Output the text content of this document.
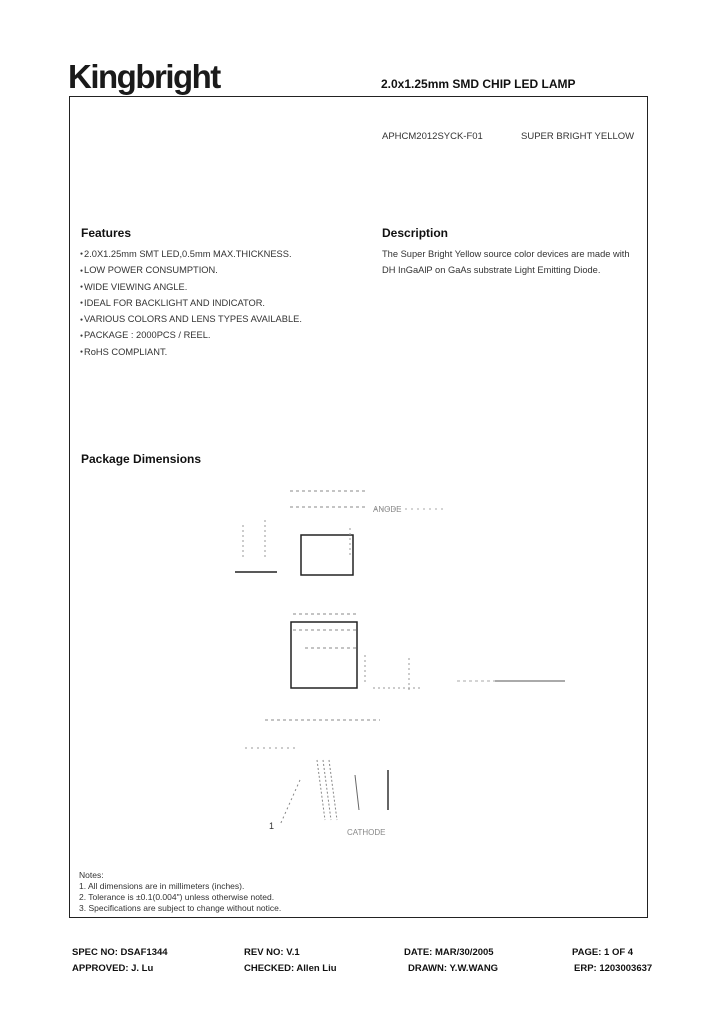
Kingbright	2.0x1.25mm SMD CHIP LED LAMP
APHCM2012SYCK-F01	SUPER BRIGHT YELLOW
Features
● 2.0X1.25mm SMT LED,0.5mm MAX.THICKNESS.
● LOW POWER CONSUMPTION.
● WIDE VIEWING ANGLE.
● IDEAL FOR BACKLIGHT AND INDICATOR.
● VARIOUS COLORS AND LENS TYPES AVAILABLE.
● PACKAGE : 2000PCS / REEL.
● RoHS COMPLIANT.
Description
The Super Bright Yellow source color devices are made with DH InGaAlP on GaAs substrate Light Emitting Diode.
Package Dimensions
ANODE
1
CATHODE
Notes:
1. All dimensions are in millimeters (inches).
2. Tolerance is ±0.1(0.004") unless otherwise noted.
3. Specifications are subject to change without notice.
SPEC NO: DSAF1344	REV NO: V.1	DATE: MAR/30/2005	PAGE: 1 OF 4
APPROVED: J. Lu	CHECKED: Allen Liu	DRAWN: Y.W.WANG	ERP: 1203003637
